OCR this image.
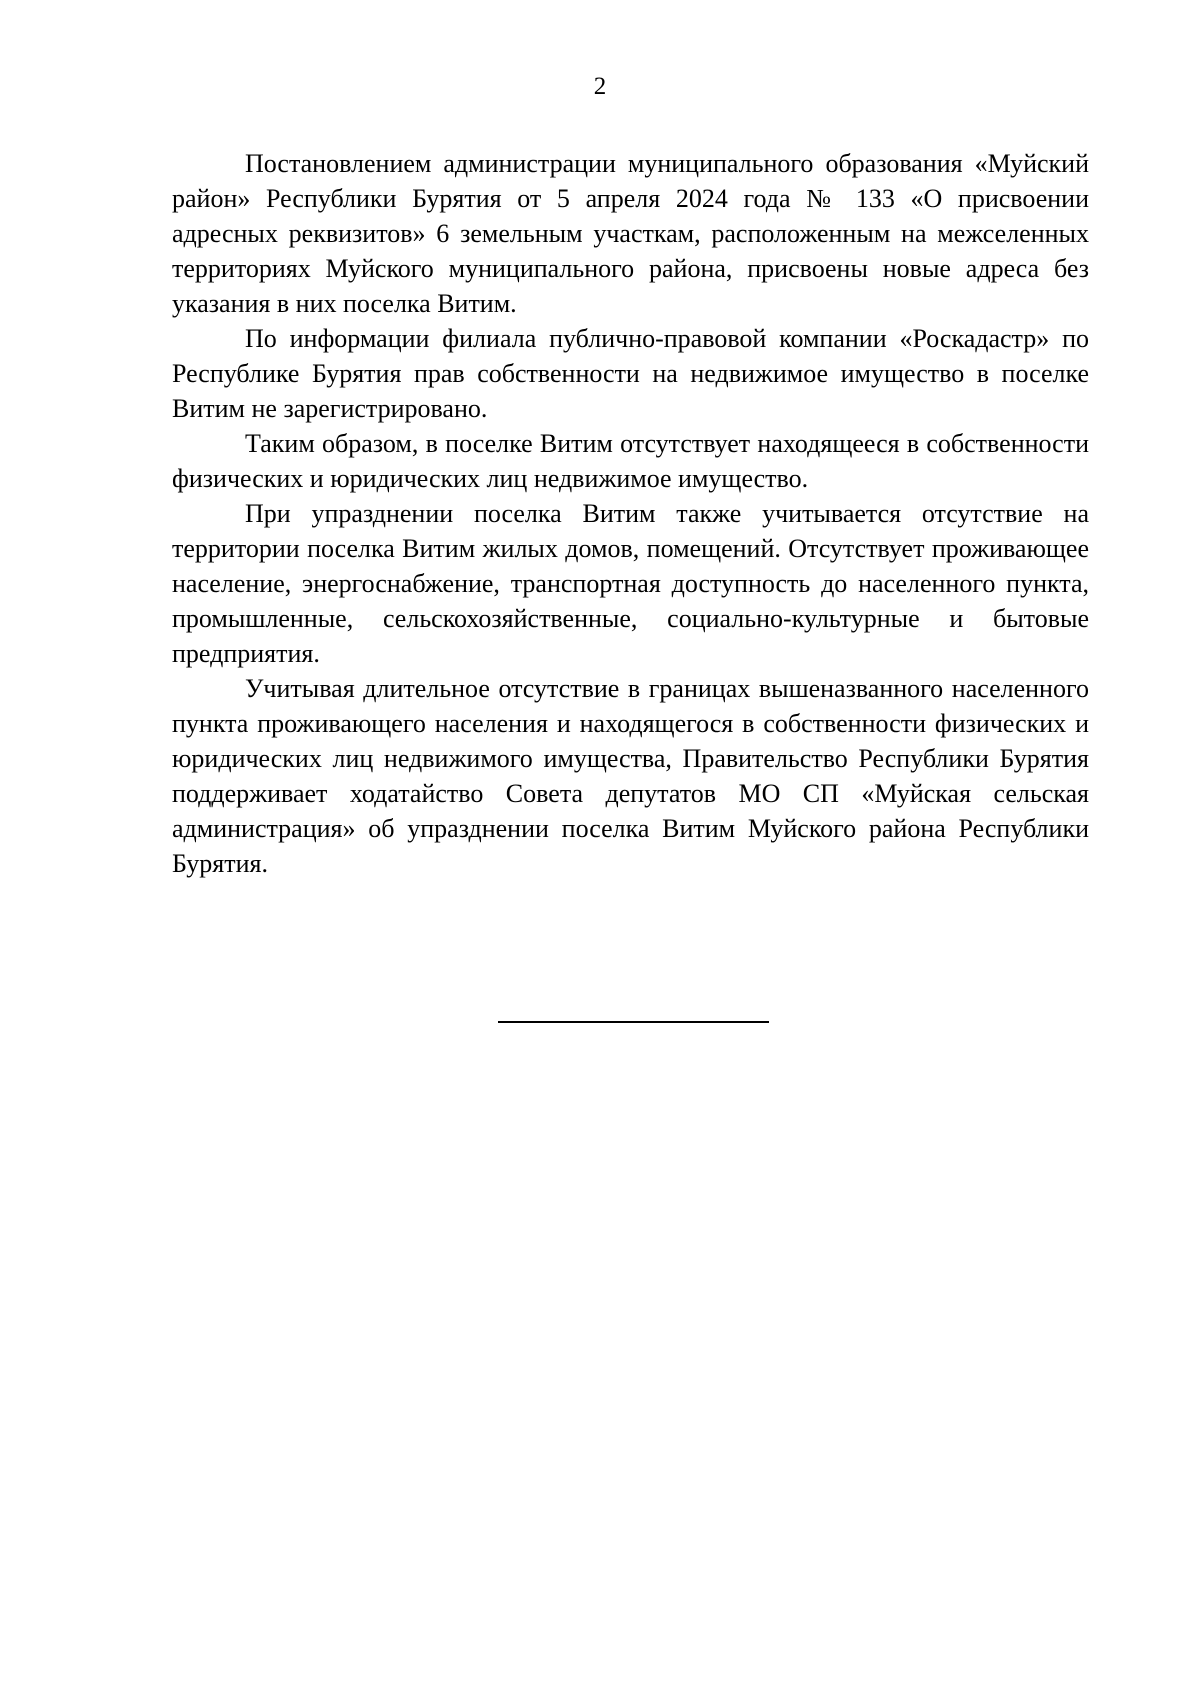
2

Постановлением администрации муниципального образования «Муйский район» Республики Бурятия от 5 апреля 2024 года № 133 «О присвоении адресных реквизитов» 6 земельным участкам, расположенным на межселенных территориях Муйского муниципального района, присвоены новые адреса без указания в них поселка Витим.

По информации филиала публично-правовой компании «Роскадастр» по Республике Бурятия прав собственности на недвижимое имущество в поселке Витим не зарегистрировано.

Таким образом, в поселке Витим отсутствует находящееся в собственности физических и юридических лиц недвижимое имущество.

При упразднении поселка Витим также учитывается отсутствие на территории поселка Витим жилых домов, помещений. Отсутствует проживающее население, энергоснабжение, транспортная доступность до населенного пункта, промышленные, сельскохозяйственные, социально-культурные и бытовые предприятия.

Учитывая длительное отсутствие в границах вышеназванного населенного пункта проживающего населения и находящегося в собственности физических и юридических лиц недвижимого имущества, Правительство Республики Бурятия поддерживает ходатайство Совета депутатов МО СП «Муйская сельская администрация» об упразднении поселка Витим Муйского района Республики Бурятия.
